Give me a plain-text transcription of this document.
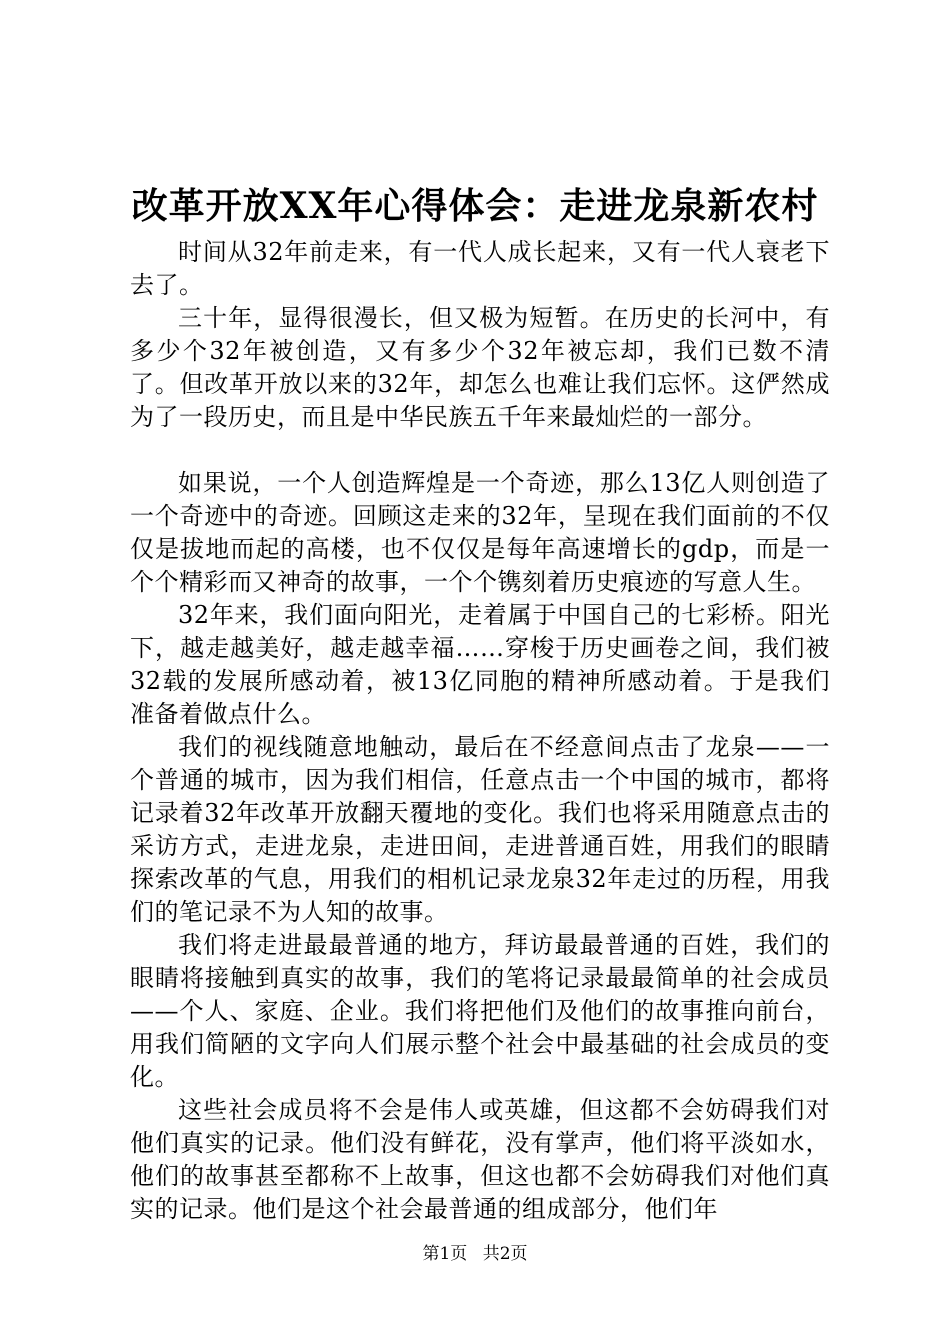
改革开放XX年心得体会：走进龙泉新农村

时间从32年前走来，有一代人成长起来，又有一代人衰老下去了。

三十年，显得很漫长，但又极为短暂。在历史的长河中，有多少个32年被创造，又有多少个32年被忘却，我们已数不清了。但改革开放以来的32年，却怎么也难让我们忘怀。这俨然成为了一段历史，而且是中华民族五千年来最灿烂的一部分。

如果说，一个人创造辉煌是一个奇迹，那么13亿人则创造了一个奇迹中的奇迹。回顾这走来的32年，呈现在我们面前的不仅仅是拔地而起的高楼，也不仅仅是每年高速增长的gdp，而是一个个精彩而又神奇的故事，一个个镌刻着历史痕迹的写意人生。

32年来，我们面向阳光，走着属于中国自己的七彩桥。阳光下，越走越美好，越走越幸福……穿梭于历史画卷之间，我们被32载的发展所感动着，被13亿同胞的精神所感动着。于是我们准备着做点什么。

我们的视线随意地触动，最后在不经意间点击了龙泉——一个普通的城市，因为我们相信，任意点击一个中国的城市，都将记录着32年改革开放翻天覆地的变化。我们也将采用随意点击的采访方式，走进龙泉，走进田间，走进普通百姓，用我们的眼睛探索改革的气息，用我们的相机记录龙泉32年走过的历程，用我们的笔记录不为人知的故事。

我们将走进最最普通的地方，拜访最最普通的百姓，我们的眼睛将接触到真实的故事，我们的笔将记录最最简单的社会成员——个人、家庭、企业。我们将把他们及他们的故事推向前台，用我们简陋的文字向人们展示整个社会中最基础的社会成员的变化。

这些社会成员将不会是伟人或英雄，但这都不会妨碍我们对他们真实的记录。他们没有鲜花，没有掌声，他们将平淡如水，他们的故事甚至都称不上故事，但这也都不会妨碍我们对他们真实的记录。他们是这个社会最普通的组成部分，他们年

第1页 共2页
